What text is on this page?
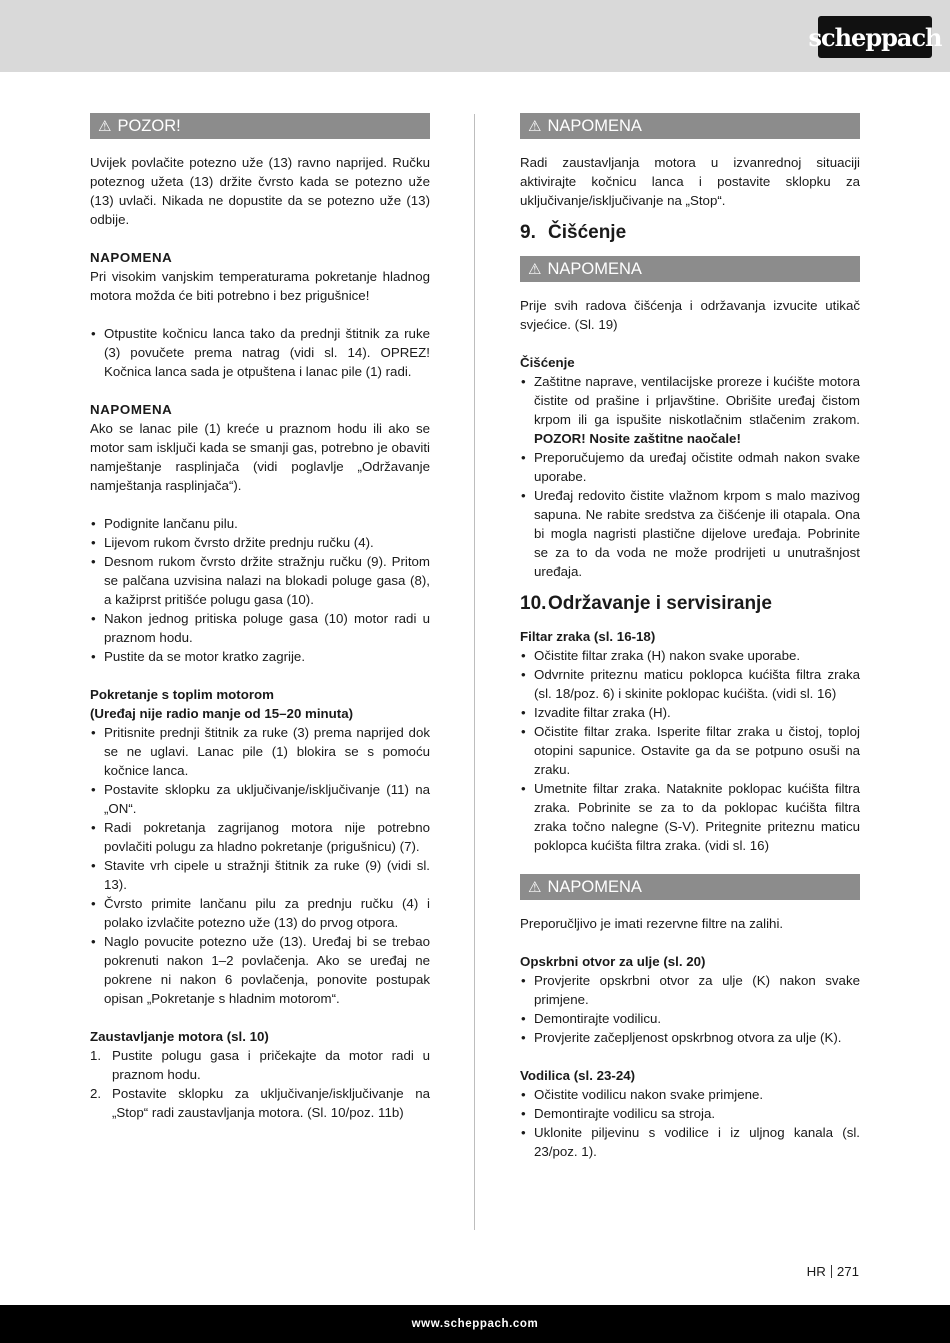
scheppach
⚠ POZOR!

Uvijek povlačite potezno uže (13) ravno naprijed. Ručku poteznog užeta (13) držite čvrsto kada se potezno uže (13) uvlači. Nikada ne dopustite da se potezno uže (13) odbije.

NAPOMENA

Pri visokim vanjskim temperaturama pokretanje hladnog motora možda će biti potrebno i bez prigušnice!

• Otpustite kočnicu lanca tako da prednji štitnik za ruke (3) povučete prema natrag (vidi sl. 14). OPREZ! Kočnica lanca sada je otpuštena i lanac pile (1) radi.
NAPOMENA

Ako se lanac pile (1) kreće u praznom hodu ili ako se motor sam isključi kada se smanji gas, potrebno je obaviti namještanje rasplinjača (vidi poglavlje „Održavanje namještanja rasplinjača“).

• Podignite lančanu pilu.
• Lijevom rukom čvrsto držite prednju ručku (4).
• Desnom rukom čvrsto držite stražnju ručku (9). Pritom se palčana uzvisina nalazi na blokadi poluge gasa (8), a kažiprst pritišće polugu gasa (10).
• Nakon jednog pritiska poluge gasa (10) motor radi u praznom hodu.
• Pustite da se motor kratko zagrije.
Pokretanje s toplim motorom
(Uređaj nije radio manje od 15–20 minuta)
• Pritisnite prednji štitnik za ruke (3) prema naprijed dok se ne uglavi. Lanac pile (1) blokira se s pomoću kočnice lanca.
• Postavite sklopku za uključivanje/isključivanje (11) na „ON“.
• Radi pokretanja zagrijanog motora nije potrebno povlačiti polugu za hladno pokretanje (prigušnicu) (7).
• Stavite vrh cipele u stražnji štitnik za ruke (9) (vidi sl. 13).
• Čvrsto primite lančanu pilu za prednju ručku (4) i polako izvlačite potezno uže (13) do prvog otpora.
• Naglo povucite potezno uže (13). Uređaj bi se trebao pokrenuti nakon 1–2 povlačenja. Ako se uređaj ne pokrene ni nakon 6 povlačenja, ponovite postupak opisan „Pokretanje s hladnim motorom“.
Zaustavljanje motora (sl. 10)
1. Pustite polugu gasa i pričekajte da motor radi u praznom hodu.
2. Postavite sklopku za uključivanje/isključivanje na „Stop“ radi zaustavljanja motora. (Sl. 10/poz. 11b)
⚠ NAPOMENA

Radi zaustavljanja motora u izvanrednoj situaciji aktivirajte kočnicu lanca i postavite sklopku za uključivanje/isključivanje na „Stop“.

9. Čišćenje
⚠ NAPOMENA

Prije svih radova čišćenja i održavanja izvucite utikač svjećice. (Sl. 19)

Čišćenje
• Zaštitne naprave, ventilacijske proreze i kućište motora čistite od prašine i prljavštine. Obrišite uređaj čistom krpom ili ga ispušite niskotlačnim stlačenim zrakom. POZOR! Nosite zaštitne naočale!
• Preporučujemo da uređaj očistite odmah nakon svake uporabe.
• Uređaj redovito čistite vlažnom krpom s malo mazivog sapuna. Ne rabite sredstva za čišćenje ili otapala. Ona bi mogla nagristi plastične dijelove uređaja. Pobrinite se za to da voda ne može prodrijeti u unutrašnjost uređaja.
10.Održavanje i servisiranje
Filtar zraka (sl. 16-18)
• Očistite filtar zraka (H) nakon svake uporabe.
• Odvrnite priteznu maticu poklopca kućišta filtra zraka (sl. 18/poz. 6) i skinite poklopac kućišta. (vidi sl. 16)
• Izvadite filtar zraka (H).
• Očistite filtar zraka. Isperite filtar zraka u čistoj, toploj otopini sapunice. Ostavite ga da se potpuno osuši na zraku.
• Umetnite filtar zraka. Nataknite poklopac kućišta filtra zraka. Pobrinite se za to da poklopac kućišta filtra zraka točno nalegne (S-V). Pritegnite priteznu maticu poklopca kućišta filtra zraka. (vidi sl. 16)
⚠ NAPOMENA

Preporučljivo je imati rezervne filtre na zalihi.

Opskrbni otvor za ulje (sl. 20)
• Provjerite opskrbni otvor za ulje (K) nakon svake primjene.
• Demontirajte vodilicu.
• Provjerite začepljenost opskrbnog otvora za ulje (K).
Vodilica (sl. 23-24)
• Očistite vodilicu nakon svake primjene.
• Demontirajte vodilicu sa stroja.
• Uklonite piljevinu s vodilice i iz uljnog kanala (sl. 23/poz. 1).
HR 271
www.scheppach.com
